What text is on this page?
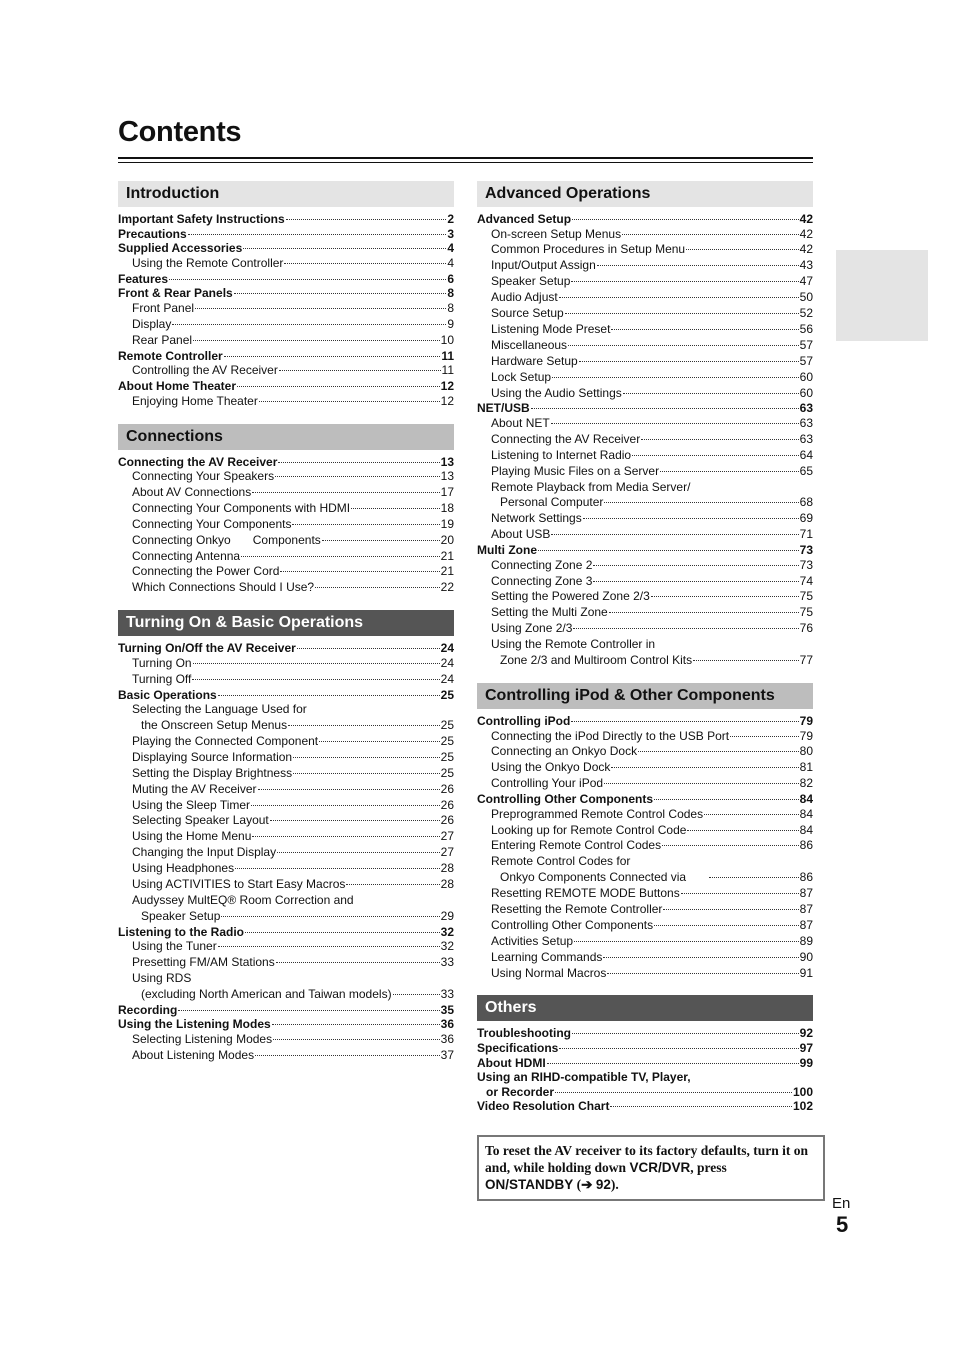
Contents
Introduction
Important Safety Instructions	2
Precautions	3
Supplied Accessories	4
Using the Remote Controller	4
Features	6
Front & Rear Panels	8
Front Panel	8
Display	9
Rear Panel	10
Remote Controller	11
Controlling the AV Receiver	11
About Home Theater	12
Enjoying Home Theater	12
Connections
Connecting the AV Receiver	13
Connecting Your Speakers	13
About AV Connections	17
Connecting Your Components with HDMI	18
Connecting Your Components	19
Connecting Onkyo Components	20
Connecting Antenna	21
Connecting the Power Cord	21
Which Connections Should I Use?	22
Turning On & Basic Operations
Turning On/Off the AV Receiver	24
Turning On	24
Turning Off	24
Basic Operations	25
Selecting the Language Used for
the Onscreen Setup Menus	25
Playing the Connected Component	25
Displaying Source Information	25
Setting the Display Brightness	25
Muting the AV Receiver	26
Using the Sleep Timer	26
Selecting Speaker Layout	26
Using the Home Menu	27
Changing the Input Display	27
Using Headphones	28
Using ACTIVITIES to Start Easy Macros	28
Audyssey MultEQ® Room Correction and
Speaker Setup	29
Listening to the Radio	32
Using the Tuner	32
Presetting FM/AM Stations	33
Using RDS
(excluding North American and Taiwan models)	33
Recording	35
Using the Listening Modes	36
Selecting Listening Modes	36
About Listening Modes	37
Advanced Operations
Advanced Setup	42
On-screen Setup Menus	42
Common Procedures in Setup Menu	42
Input/Output Assign	43
Speaker Setup	47
Audio Adjust	50
Source Setup	52
Listening Mode Preset	56
Miscellaneous	57
Hardware Setup	57
Lock Setup	60
Using the Audio Settings	60
NET/USB	63
About NET	63
Connecting the AV Receiver	63
Listening to Internet Radio	64
Playing Music Files on a Server	65
Remote Playback from Media Server/
Personal Computer	68
Network Settings	69
About USB	71
Multi Zone	73
Connecting Zone 2	73
Connecting Zone 3	74
Setting the Powered Zone 2/3	75
Setting the Multi Zone	75
Using Zone 2/3	76
Using the Remote Controller in
Zone 2/3 and Multiroom Control Kits	77
Controlling iPod & Other Components
Controlling iPod	79
Connecting the iPod Directly to the USB Port	79
Connecting an Onkyo Dock	80
Using the Onkyo Dock	81
Controlling Your iPod	82
Controlling Other Components	84
Preprogrammed Remote Control Codes	84
Looking up for Remote Control Code	84
Entering Remote Control Codes	86
Remote Control Codes for
Onkyo Components Connected via	86
Resetting REMOTE MODE Buttons	87
Resetting the Remote Controller	87
Controlling Other Components	87
Activities Setup	89
Learning Commands	90
Using Normal Macros	91
Others
Troubleshooting	92
Specifications	97
About HDMI	99
Using an RIHD-compatible TV, Player,
or Recorder	100
Video Resolution Chart	102
To reset the AV receiver to its factory defaults, turn it on and, while holding down VCR/DVR, press ON/STANDBY (➔ 92).
En
5
